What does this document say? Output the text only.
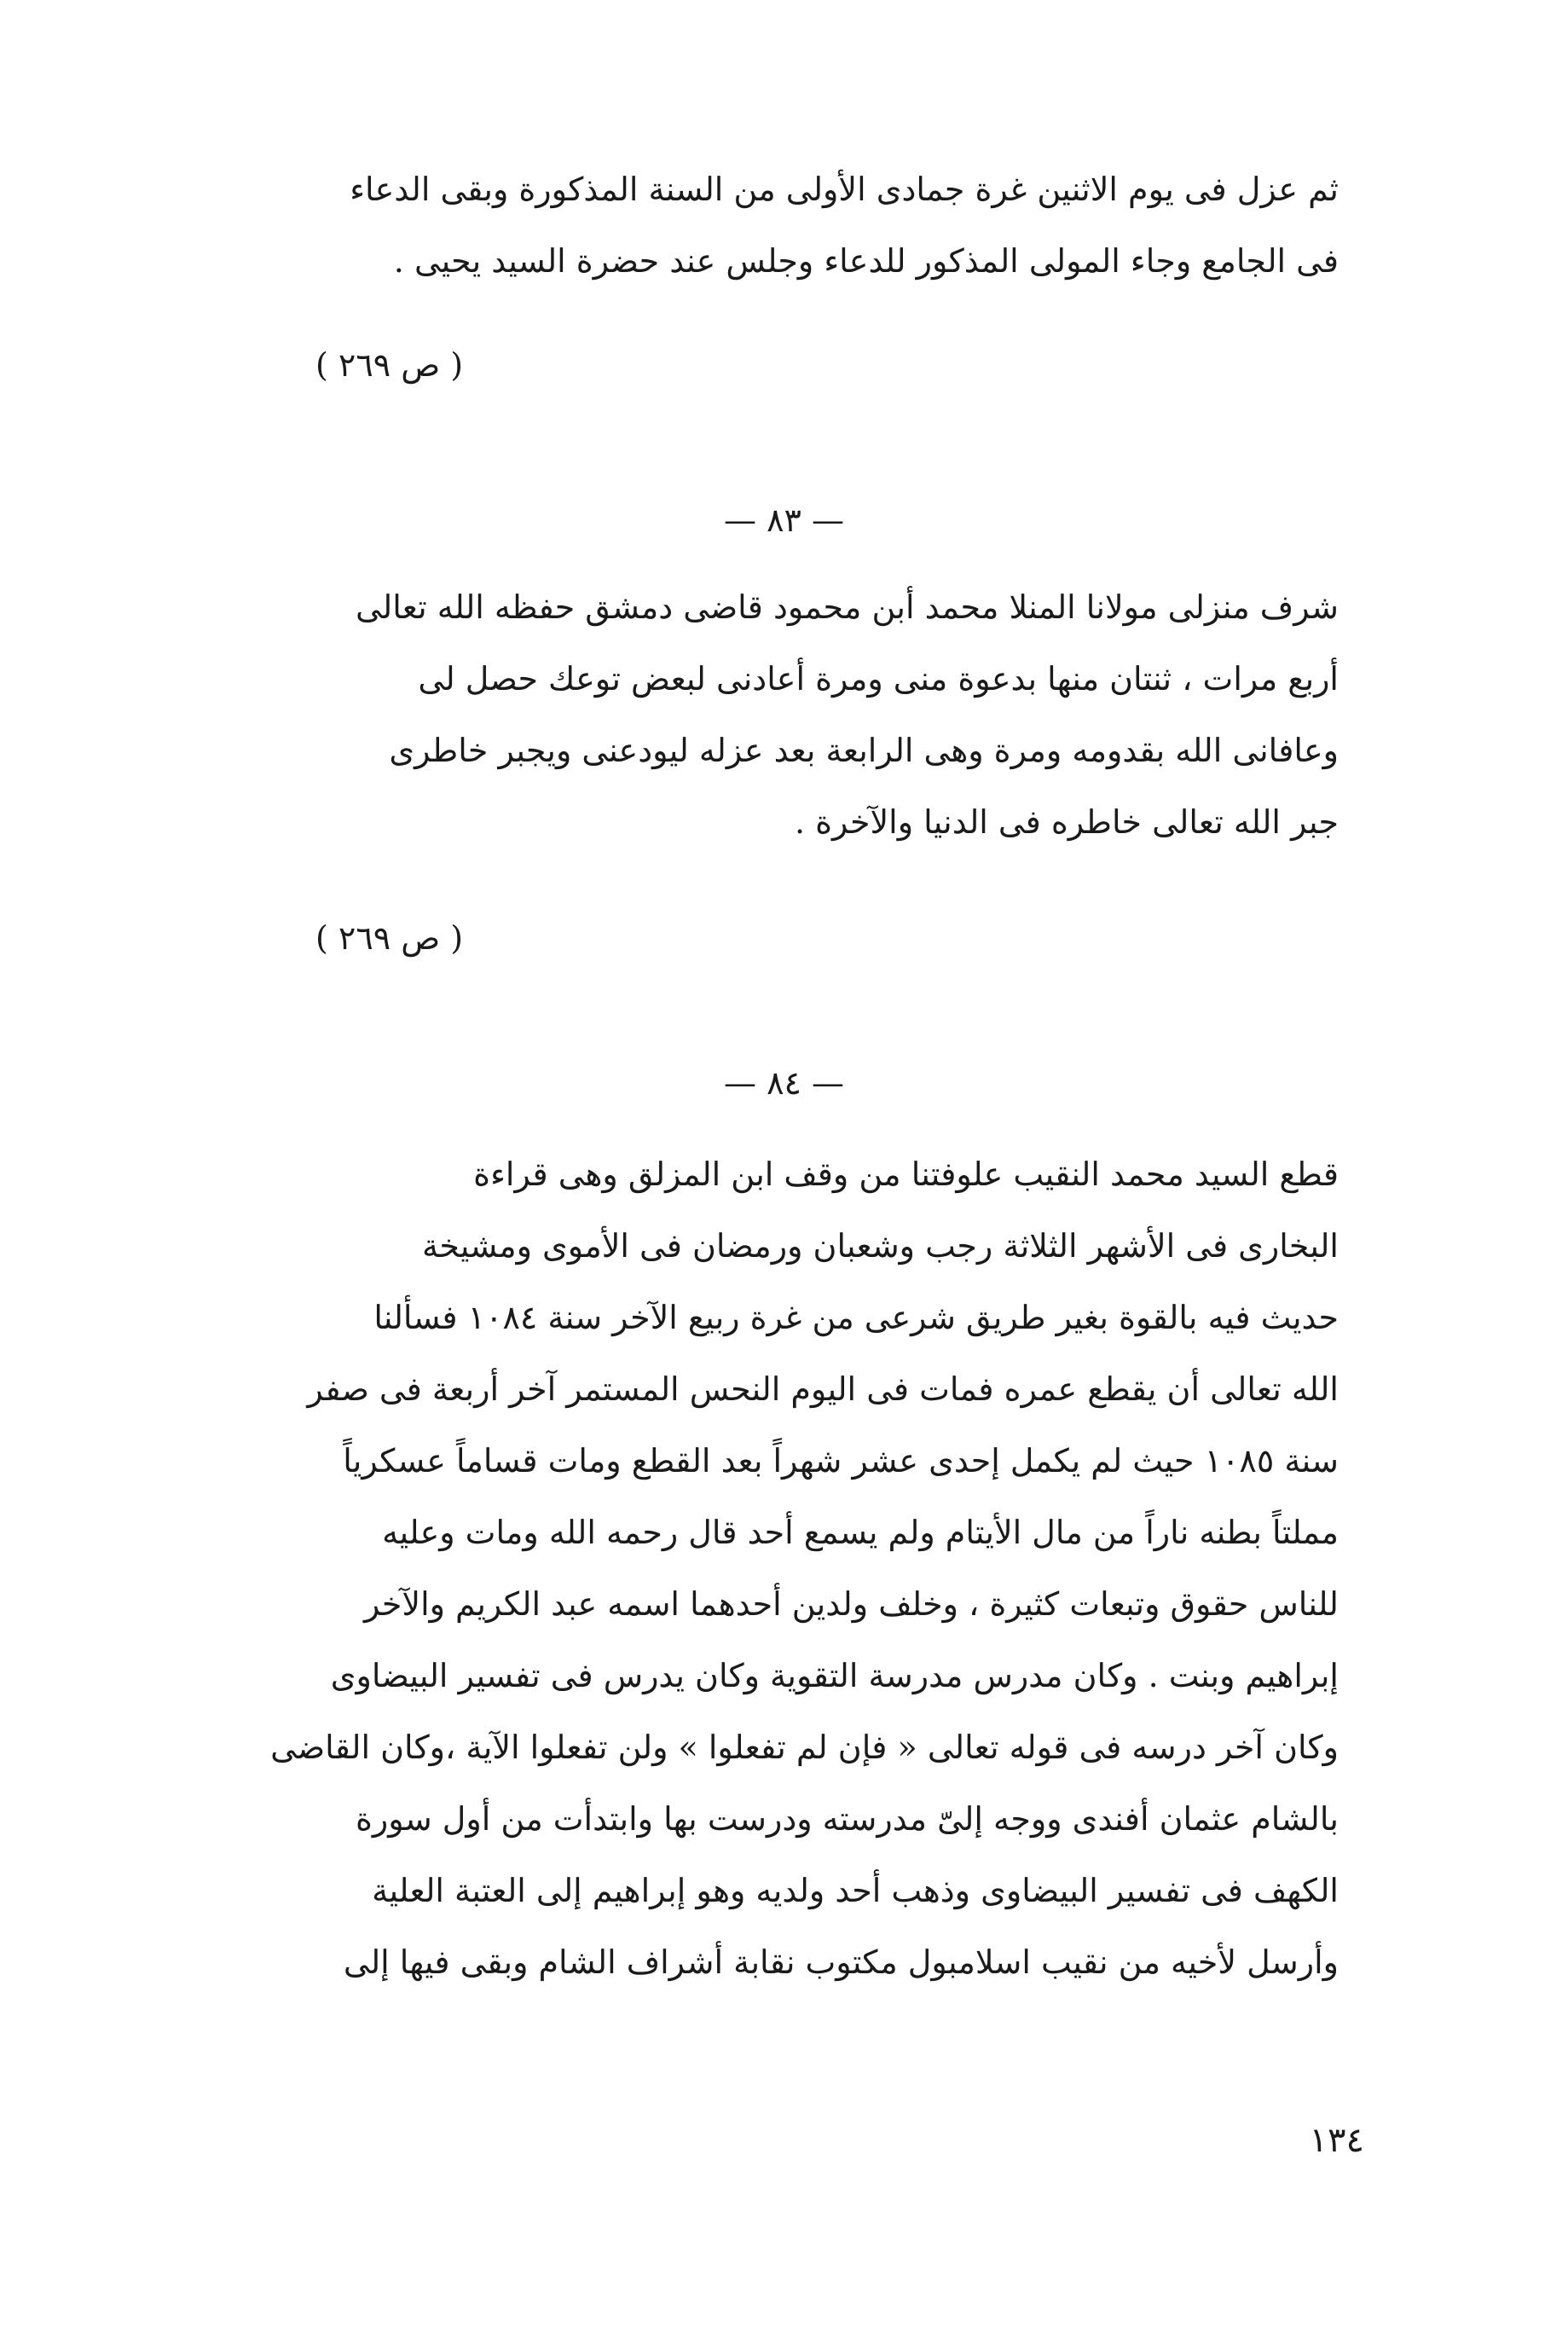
ثم عزل فى يوم الاثنين غرة جمادى الأولى من السنة المذكورة وبقى الدعاء
فى الجامع وجاء المولى المذكور للدعاء وجلس عند حضرة السيد يحيى .
( ص ٢٦٩ )
— ٨٣ —
شرف منزلى مولانا المنلا محمد أبن محمود قاضى دمشق حفظه الله تعالى
أربع مرات ، ثنتان منها بدعوة منى ومرة أعادنى لبعض توعك حصل لى
وعافانى الله بقدومه ومرة وهى الرابعة بعد عزله ليودعنى ويجبر خاطرى
جبر الله تعالى خاطره فى الدنيا والآخرة .
( ص ٢٦٩ )
— ٨٤ —
قطع السيد محمد النقيب علوفتنا من وقف ابن المزلق وهى قراءة
البخارى فى الأشهر الثلاثة رجب وشعبان ورمضان فى الأموى ومشيخة
حديث فيه بالقوة بغير طريق شرعى من غرة ربيع الآخر سنة ١٠٨٤ فسألنا
الله تعالى أن يقطع عمره فمات فى اليوم النحس المستمر آخر أربعة فى صفر
سنة ١٠٨٥ حيث لم يكمل إحدى عشر شهراً بعد القطع ومات قساماً عسكرياً
مملتاً بطنه ناراً من مال الأيتام ولم يسمع أحد قال رحمه الله ومات وعليه
للناس حقوق وتبعات كثيرة ، وخلف ولدين أحدهما اسمه عبد الكريم والآخر
إبراهيم وبنت . وكان مدرس مدرسة التقوية وكان يدرس فى تفسير البيضاوى
وكان آخر درسه فى قوله تعالى « فإن لم تفعلوا » ولن تفعلوا الآية ،وكان القاضى
بالشام عثمان أفندى ووجه إلىّ مدرسته ودرست بها وابتدأت من أول سورة
الكهف فى تفسير البيضاوى وذهب أحد ولديه وهو إبراهيم إلى العتبة العلية
وأرسل لأخيه من نقيب اسلامبول مكتوب نقابة أشراف الشام وبقى فيها إلى
١٣٤
